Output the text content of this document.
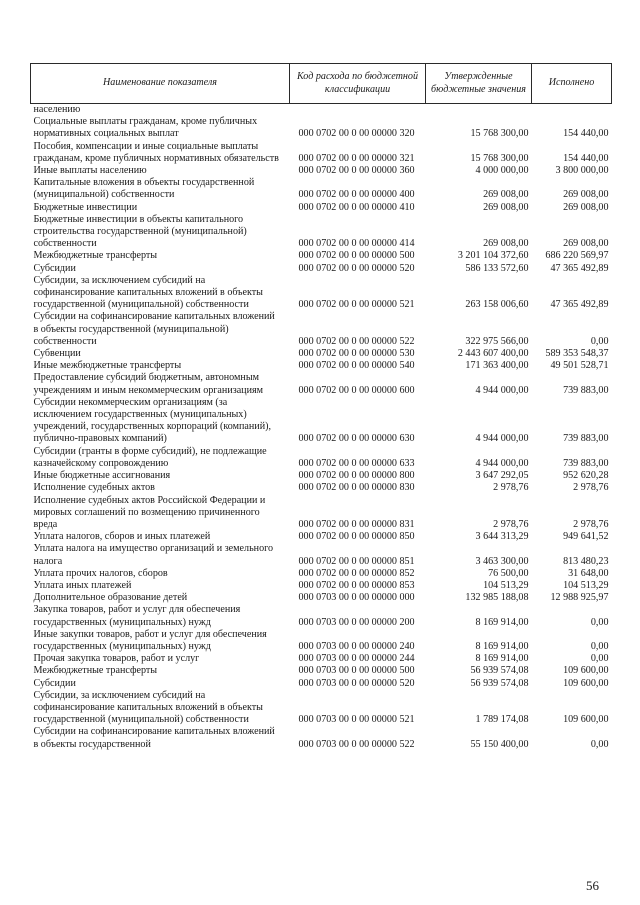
Наименование показателя	Код расхода по бюджетной классификации	Утвержденные бюджетные значения	Исполнено
населению			
Социальные выплаты гражданам, кроме публичных нормативных социальных выплат	000 0702 00 0 00 00000 320	15 768 300,00	154 440,00
Пособия, компенсации и иные социальные выплаты гражданам, кроме публичных нормативных обязательств	000 0702 00 0 00 00000 321	15 768 300,00	154 440,00
Иные выплаты населению	000 0702 00 0 00 00000 360	4 000 000,00	3 800 000,00
Капитальные вложения в объекты государственной (муниципальной) собственности	000 0702 00 0 00 00000 400	269 008,00	269 008,00
Бюджетные инвестиции	000 0702 00 0 00 00000 410	269 008,00	269 008,00
Бюджетные инвестиции в объекты капитального строительства государственной (муниципальной) собственности	000 0702 00 0 00 00000 414	269 008,00	269 008,00
Межбюджетные трансферты	000 0702 00 0 00 00000 500	3 201 104 372,60	686 220 569,97
Субсидии	000 0702 00 0 00 00000 520	586 133 572,60	47 365 492,89
Субсидии, за исключением субсидий на софинансирование капитальных вложений в объекты государственной (муниципальной) собственности	000 0702 00 0 00 00000 521	263 158 006,60	47 365 492,89
Субсидии на софинансирование капитальных вложений в объекты государственной (муниципальной) собственности	000 0702 00 0 00 00000 522	322 975 566,00	0,00
Субвенции	000 0702 00 0 00 00000 530	2 443 607 400,00	589 353 548,37
Иные межбюджетные трансферты	000 0702 00 0 00 00000 540	171 363 400,00	49 501 528,71
Предоставление субсидий бюджетным, автономным учреждениям и иным некоммерческим организациям	000 0702 00 0 00 00000 600	4 944 000,00	739 883,00
Субсидии некоммерческим организациям (за исключением государственных (муниципальных) учреждений, государственных корпораций (компаний), публично-правовых компаний)	000 0702 00 0 00 00000 630	4 944 000,00	739 883,00
Субсидии (гранты в форме субсидий), не подлежащие казначейскому сопровождению	000 0702 00 0 00 00000 633	4 944 000,00	739 883,00
Иные бюджетные ассигнования	000 0702 00 0 00 00000 800	3 647 292,05	952 620,28
Исполнение судебных актов	000 0702 00 0 00 00000 830	2 978,76	2 978,76
Исполнение судебных актов Российской Федерации и мировых соглашений по возмещению причиненного вреда	000 0702 00 0 00 00000 831	2 978,76	2 978,76
Уплата налогов, сборов и иных платежей	000 0702 00 0 00 00000 850	3 644 313,29	949 641,52
Уплата налога на имущество организаций и земельного налога	000 0702 00 0 00 00000 851	3 463 300,00	813 480,23
Уплата прочих налогов, сборов	000 0702 00 0 00 00000 852	76 500,00	31 648,00
Уплата иных платежей	000 0702 00 0 00 00000 853	104 513,29	104 513,29
Дополнительное образование детей	000 0703 00 0 00 00000 000	132 985 188,08	12 988 925,97
Закупка товаров, работ и услуг для обеспечения государственных (муниципальных) нужд	000 0703 00 0 00 00000 200	8 169 914,00	0,00
Иные закупки товаров, работ и услуг для обеспечения государственных (муниципальных) нужд	000 0703 00 0 00 00000 240	8 169 914,00	0,00
Прочая закупка товаров, работ и услуг	000 0703 00 0 00 00000 244	8 169 914,00	0,00
Межбюджетные трансферты	000 0703 00 0 00 00000 500	56 939 574,08	109 600,00
Субсидии	000 0703 00 0 00 00000 520	56 939 574,08	109 600,00
Субсидии, за исключением субсидий на софинансирование капитальных вложений в объекты государственной (муниципальной) собственности	000 0703 00 0 00 00000 521	1 789 174,08	109 600,00
Субсидии на софинансирование капитальных вложений в объекты государственной	000 0703 00 0 00 00000 522	55 150 400,00	0,00
56
